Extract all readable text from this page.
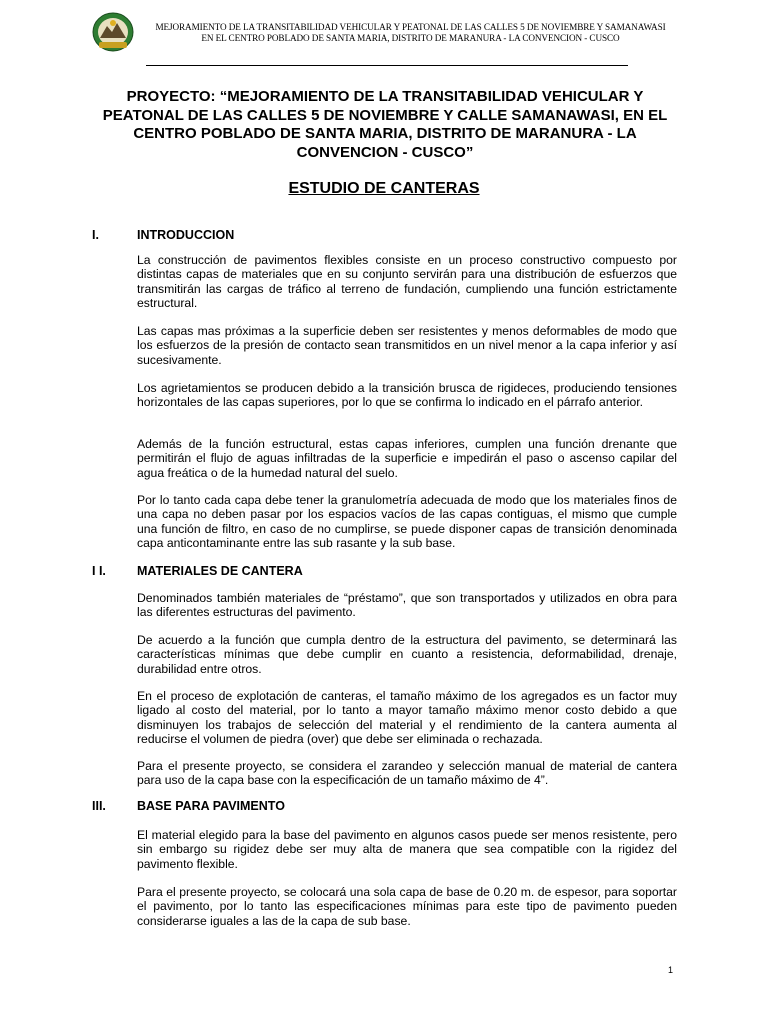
MEJORAMIENTO DE LA TRANSITABILIDAD VEHICULAR Y PEATONAL DE LAS CALLES 5 DE NOVIEMBRE Y SAMANAWASI
EN EL CENTRO POBLADO DE SANTA MARIA, DISTRITO DE MARANURA - LA CONVENCION - CUSCO
PROYECTO: “MEJORAMIENTO DE LA TRANSITABILIDAD VEHICULAR Y PEATONAL DE LAS CALLES 5 DE NOVIEMBRE Y CALLE SAMANAWASI, EN EL CENTRO POBLADO DE SANTA MARIA, DISTRITO DE MARANURA - LA CONVENCION - CUSCO”
ESTUDIO DE CANTERAS
I.	INTRODUCCION
La construcción de pavimentos flexibles consiste en un proceso constructivo compuesto por distintas capas de materiales que en su conjunto servirán para una distribución de esfuerzos que transmitirán las cargas de tráfico al terreno de fundación, cumpliendo una función estrictamente estructural.
Las capas mas próximas a la superficie deben ser resistentes y menos deformables de modo que los esfuerzos de la presión de contacto sean transmitidos en un nivel menor a la capa inferior y así sucesivamente.
Los agrietamientos se producen debido a la transición brusca de rigideces, produciendo tensiones horizontales de las capas superiores, por lo que se confirma lo indicado en el párrafo anterior.
Además de la función estructural, estas capas inferiores, cumplen una función drenante que permitirán el flujo de aguas infiltradas de la superficie e impedirán el paso o ascenso capilar del agua freática o de la humedad natural del suelo.
Por lo tanto cada capa debe tener la granulometría adecuada de modo que los materiales finos de una capa no deben pasar por los espacios vacíos de las capas contiguas, el mismo que cumple una función de filtro, en caso de no cumplirse, se puede disponer capas de transición denominada capa anticontaminante entre las sub rasante y la sub base.
I I.	MATERIALES DE CANTERA
Denominados también materiales de “préstamo”, que son transportados y utilizados en obra para las diferentes estructuras del pavimento.
De acuerdo a la función que cumpla dentro de la estructura del pavimento, se determinará las características mínimas que debe cumplir en cuanto a resistencia, deformabilidad, drenaje, durabilidad entre otros.
En el proceso de explotación de canteras, el tamaño máximo de los agregados es un factor muy ligado al costo del material, por lo tanto a mayor tamaño máximo menor costo debido a que disminuyen los trabajos de selección del material y el rendimiento de la cantera aumenta al reducirse el volumen de piedra (over) que debe ser eliminada o rechazada.
Para el presente proyecto, se considera el zarandeo y selección manual de material de cantera para uso de la capa base con la especificación de un tamaño máximo de 4”.
III.	BASE PARA PAVIMENTO
El material elegido para la base del pavimento en algunos casos puede ser menos resistente, pero sin embargo su rigidez debe ser muy alta de manera que sea compatible con la rigidez del pavimento flexible.
Para el presente proyecto, se colocará una sola capa de base de 0.20 m. de espesor, para soportar el pavimento, por lo tanto las especificaciones mínimas para este tipo de pavimento pueden considerarse iguales a las de la capa de sub base.
1
